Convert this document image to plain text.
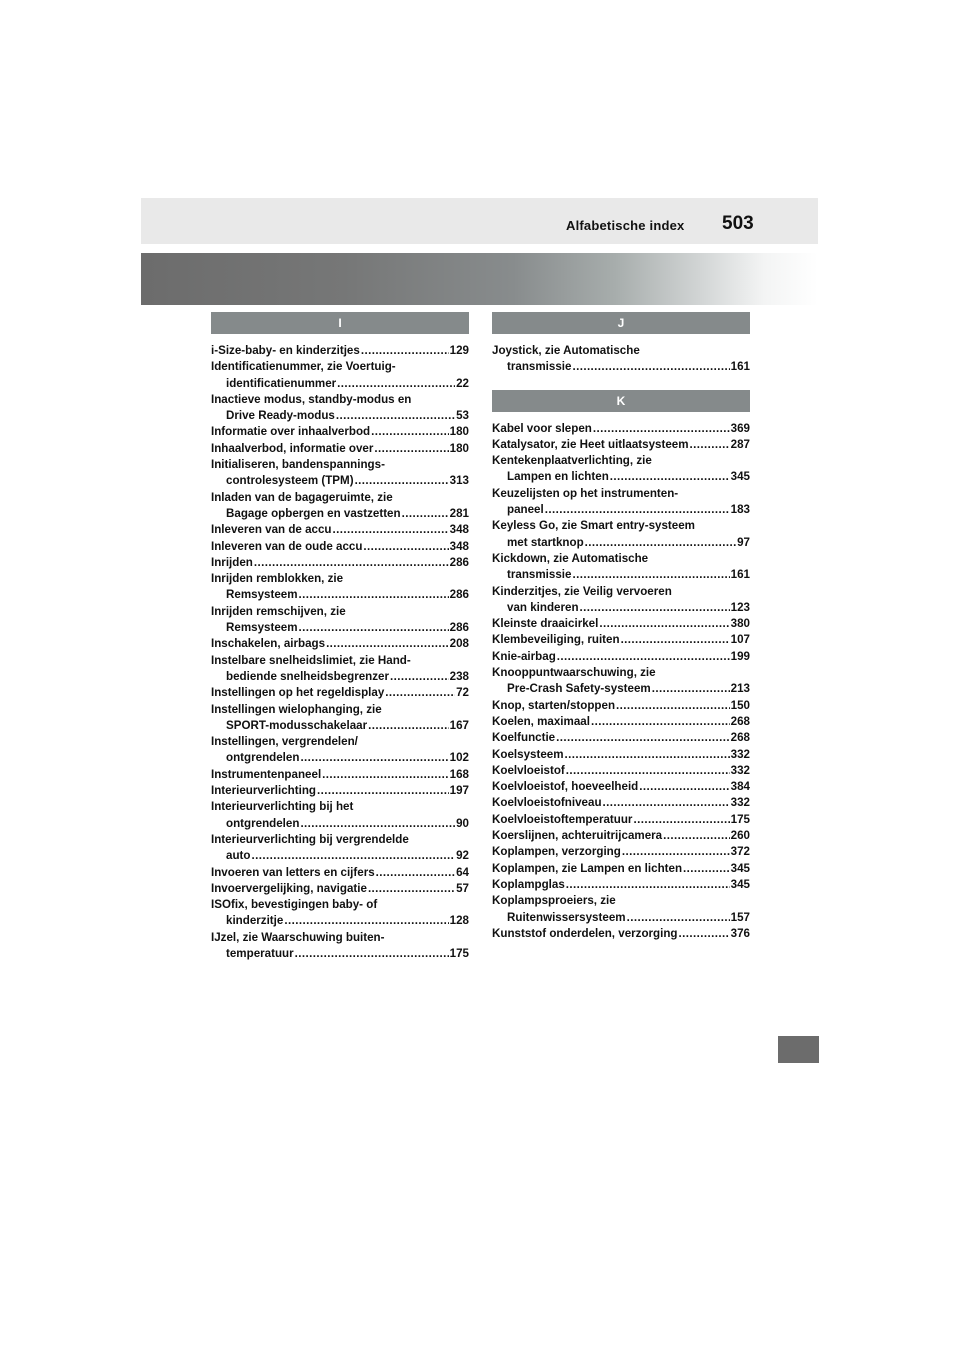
Alfabetische index 503
I
i-Size-baby- en kinderzitjes .....	129
Identificatienummer, zie Voertuig-
identificatienummer .....	22
Inactieve modus, standby-modus en
Drive Ready-modus .....	53
Informatie over inhaalverbod .....	180
Inhaalverbod, informatie over .....	180
Initialiseren, bandenspannings-
controlesysteem (TPM) .....	313
Inladen van de bagageruimte, zie
Bagage opbergen en vastzetten .....	281
Inleveren van de accu .....	348
Inleveren van de oude accu .....	348
Inrijden .....	286
Inrijden remblokken, zie
Remsysteem .....	286
Inrijden remschijven, zie
Remsysteem .....	286
Inschakelen, airbags .....	208
Instelbare snelheidslimiet, zie Hand-
bediende snelheidsbegrenzer .....	238
Instellingen op het regeldisplay .....	72
Instellingen wielophanging, zie
SPORT-modusschakelaar .....	167
Instellingen, vergrendelen/
ontgrendelen .....	102
Instrumentenpaneel .....	168
Interieurverlichting .....	197
Interieurverlichting bij het
ontgrendelen .....	90
Interieurverlichting bij vergrendelde
auto .....	92
Invoeren van letters en cijfers .....	64
Invoervergelijking, navigatie .....	57
ISOfix, bevestigingen baby- of
kinderzitje .....	128
IJzel, zie Waarschuwing buiten-
temperatuur .....	175
J
Joystick, zie Automatische
transmissie .....	161
K
Kabel voor slepen .....	369
Katalysator, zie Heet uitlaatsysteem .....	287
Kentekenplaatverlichting, zie
Lampen en lichten .....	345
Keuzelijsten op het instrumenten-
paneel .....	183
Keyless Go, zie Smart entry-systeem
met startknop .....	97
Kickdown, zie Automatische
transmissie .....	161
Kinderzitjes, zie Veilig vervoeren
van kinderen .....	123
Kleinste draaicirkel .....	380
Klembeveiliging, ruiten .....	107
Knie-airbag .....	199
Knooppuntwaarschuwing, zie
Pre-Crash Safety-systeem .....	213
Knop, starten/stoppen .....	150
Koelen, maximaal .....	268
Koelfunctie .....	268
Koelsysteem .....	332
Koelvloeistof .....	332
Koelvloeistof, hoeveelheid .....	384
Koelvloeistofniveau .....	332
Koelvloeistoftemperatuur .....	175
Koerslijnen, achteruitrijcamera .....	260
Koplampen, verzorging .....	372
Koplampen, zie Lampen en lichten .....	345
Koplampglas .....	345
Koplampsproeiers, zie
Ruitenwissersysteem .....	157
Kunststof onderdelen, verzorging .....	376
